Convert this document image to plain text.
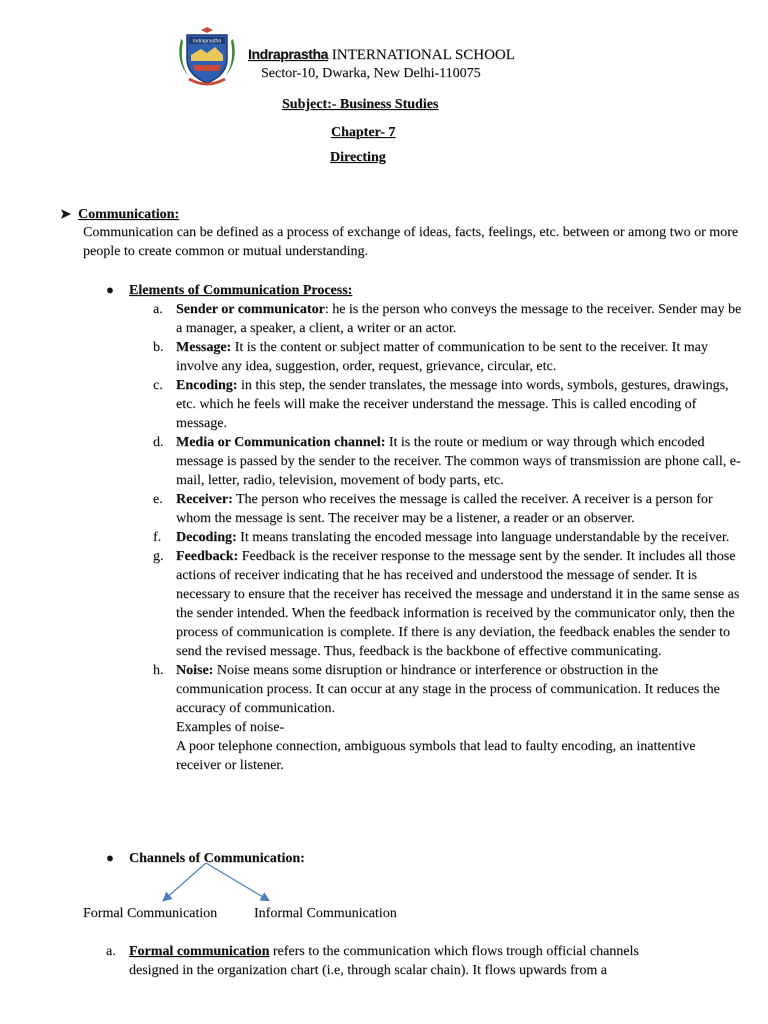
Indraprastha
Indraprastha INTERNATIONAL SCHOOL
Sector-10, Dwarka, New Delhi-110075
Subject:- Business Studies
Chapter- 7
Directing
➤ Communication:
Communication can be defined as a process of exchange of ideas, facts, feelings, etc. between or among two or more people to create common or mutual understanding.
● Elements of Communication Process:
a. Sender or communicator: he is the person who conveys the message to the receiver. Sender may be a manager, a speaker, a client, a writer or an actor.
b. Message: It is the content or subject matter of communication to be sent to the receiver. It may involve any idea, suggestion, order, request, grievance, circular, etc.
c. Encoding: in this step, the sender translates, the message into words, symbols, gestures, drawings, etc. which he feels will make the receiver understand the message. This is called encoding of message.
d. Media or Communication channel: It is the route or medium or way through which encoded message is passed by the sender to the receiver. The common ways of transmission are phone call, e-mail, letter, radio, television, movement of body parts, etc.
e. Receiver: The person who receives the message is called the receiver. A receiver is a person for whom the message is sent. The receiver may be a listener, a reader or an observer.
f. Decoding: It means translating the encoded message into language understandable by the receiver.
g. Feedback: Feedback is the receiver response to the message sent by the sender. It includes all those actions of receiver indicating that he has received and understood the message of sender. It is necessary to ensure that the receiver has received the message and understand it in the same sense as the sender intended. When the feedback information is received by the communicator only, then the process of communication is complete. If there is any deviation, the feedback enables the sender to send the revised message. Thus, feedback is the backbone of effective communicating.
h. Noise: Noise means some disruption or hindrance or interference or obstruction in the communication process. It can occur at any stage in the process of communication. It reduces the accuracy of communication.
Examples of noise-
A poor telephone connection, ambiguous symbols that lead to faulty encoding, an inattentive receiver or listener.
● Channels of Communication:
Formal Communication	Informal Communication
a. Formal communication refers to the communication which flows trough official channels
designed in the organization chart (i.e, through scalar chain). It flows upwards from a
